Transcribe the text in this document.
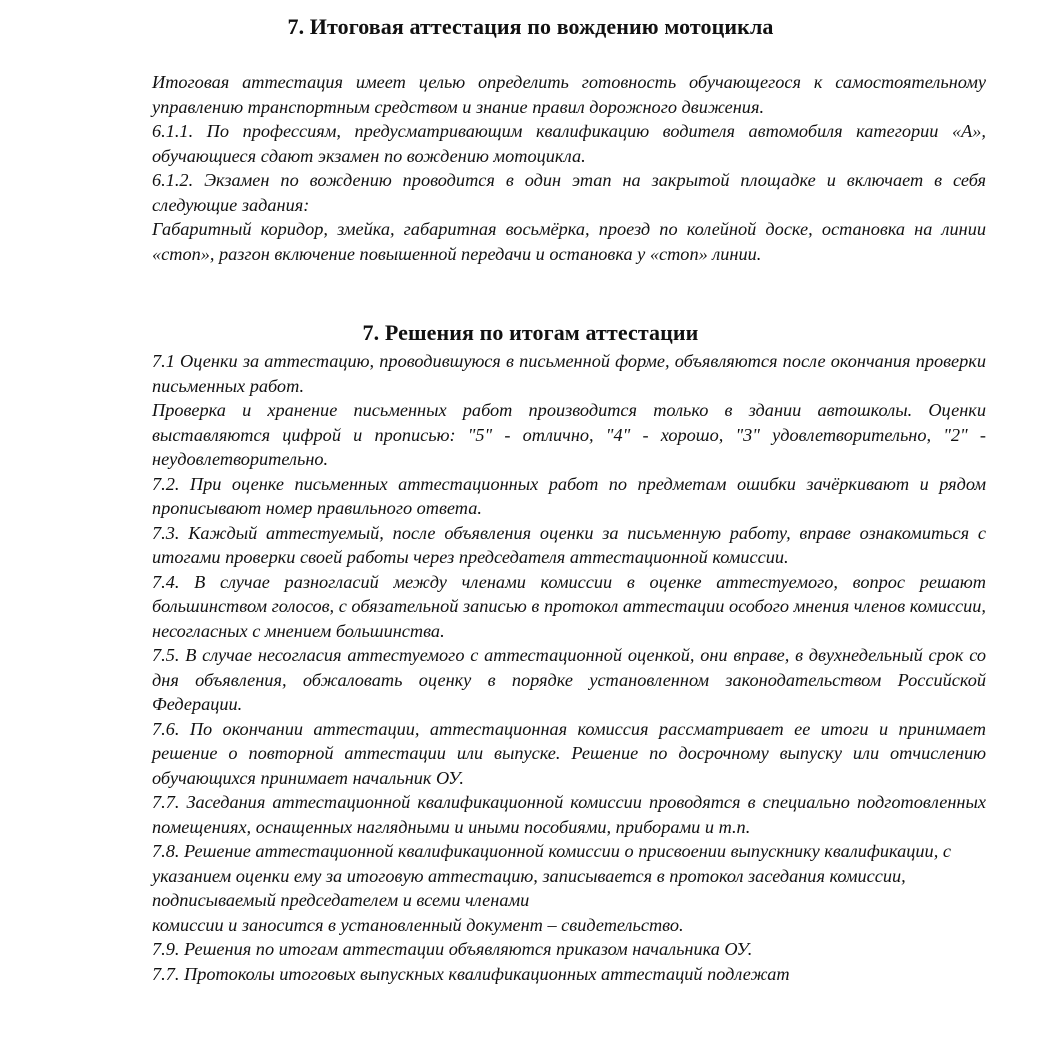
7. Итоговая аттестация по вождению мотоцикла

Итоговая аттестация имеет целью определить готовность обучающегося к самостоятельному управлению транспортным средством и знание правил дорожного движения.

6.1.1. По профессиям, предусматривающим квалификацию водителя автомобиля категории «А», обучающиеся сдают экзамен по вождению мотоцикла.

6.1.2. Экзамен по вождению проводится в один этап на закрытой площадке и включает в себя следующие задания:

Габаритный коридор, змейка, габаритная восьмёрка, проезд по колейной доске, остановка на линии «стоп», разгон включение повышенной передачи и остановка у «стоп» линии.

7. Решения по итогам аттестации

7.1 Оценки за аттестацию, проводившуюся в письменной форме, объявляются после окончания проверки письменных работ.

Проверка и хранение письменных работ производится только в здании автошколы. Оценки выставляются цифрой и прописью: "5" - отлично, "4" - хорошо, "3" удовлетворительно, "2" - неудовлетворительно.

7.2. При оценке письменных аттестационных работ по предметам ошибки зачёркивают и рядом прописывают номер правильного ответа.

7.3. Каждый аттестуемый, после объявления оценки за письменную работу, вправе ознакомиться с итогами проверки своей работы через председателя аттестационной комиссии.

7.4. В случае разногласий между членами комиссии в оценке аттестуемого, вопрос решают большинством голосов, с обязательной записью в протокол аттестации особого мнения членов комиссии, несогласных с мнением большинства.

7.5. В случае несогласия аттестуемого с аттестационной оценкой, они вправе, в двухнедельный срок со дня объявления, обжаловать оценку в порядке установленном законодательством Российской Федерации.

7.6. По окончании аттестации, аттестационная комиссия рассматривает ее итоги и принимает решение о повторной аттестации или выпуске. Решение по досрочному выпуску или отчислению обучающихся принимает начальник ОУ.

7.7. Заседания аттестационной квалификационной комиссии проводятся в специально подготовленных помещениях, оснащенных наглядными и иными пособиями, приборами и т.п.

7.8. Решение аттестационной квалификационной комиссии о присвоении выпускнику квалификации, с указанием оценки ему за итоговую аттестацию, записывается в протокол заседания комиссии, подписываемый председателем и всеми членами

комиссии и заносится в установленный документ – свидетельство.

7.9. Решения по итогам аттестации объявляются приказом начальника ОУ.

7.7. Протоколы итоговых выпускных квалификационных аттестаций подлежат
